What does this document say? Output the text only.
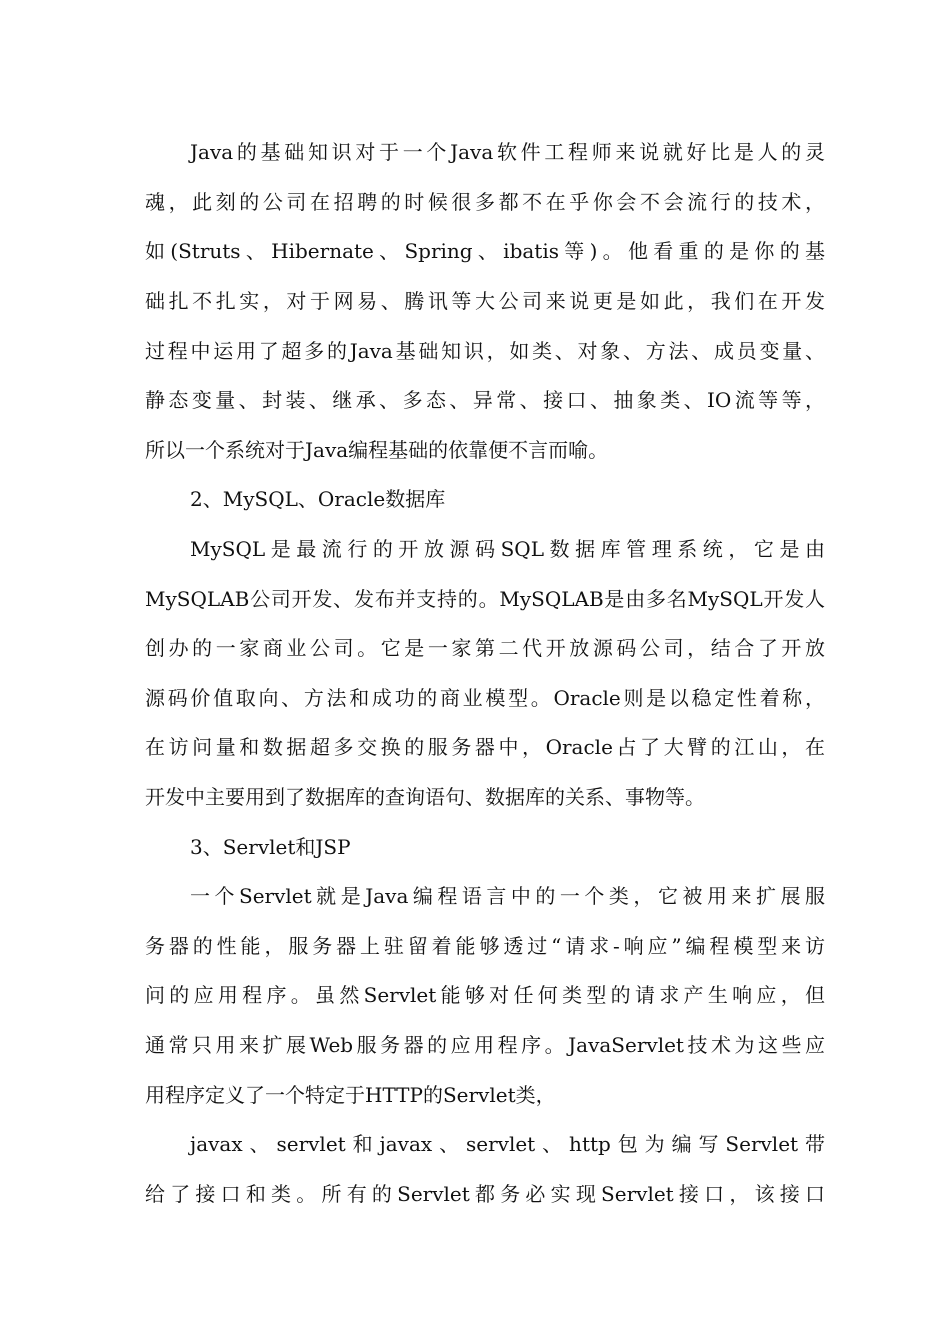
Java的基础知识对于一个Java软件工程师来说就好比是人的灵
魂，此刻的公司在招聘的时候很多都不在乎你会不会流行的技术，
如(Struts、Hibernate、Spring、ibatis等)。他看重的是你的基
础扎不扎实，对于网易、腾讯等大公司来说更是如此，我们在开发
过程中运用了超多的Java基础知识，如类、对象、方法、成员变量、
静态变量、封装、继承、多态、异常、接口、抽象类、IO流等等，
所以一个系统对于Java编程基础的依靠便不言而喻。
2、MySQL、Oracle数据库
MySQL是最流行的开放源码SQL数据库管理系统，它是由
MySQLAB公司开发、发布并支持的。MySQLAB是由多名MySQL开发人
创办的一家商业公司。它是一家第二代开放源码公司，结合了开放
源码价值取向、方法和成功的商业模型。Oracle则是以稳定性着称，
在访问量和数据超多交换的服务器中，Oracle占了大臂的江山，在
开发中主要用到了数据库的查询语句、数据库的关系、事物等。
3、Servlet和JSP
一个Servlet就是Java编程语言中的一个类，它被用来扩展服
务器的性能，服务器上驻留着能够透过“请求-响应”编程模型来访
问的应用程序。虽然Servlet能够对任何类型的请求产生响应，但
通常只用来扩展Web服务器的应用程序。JavaServlet技术为这些应
用程序定义了一个特定于HTTP的Servlet类，
javax、servlet和javax、servlet、http包为编写Servlet带
给了接口和类。所有的Servlet都务必实现Servlet接口，该接口
